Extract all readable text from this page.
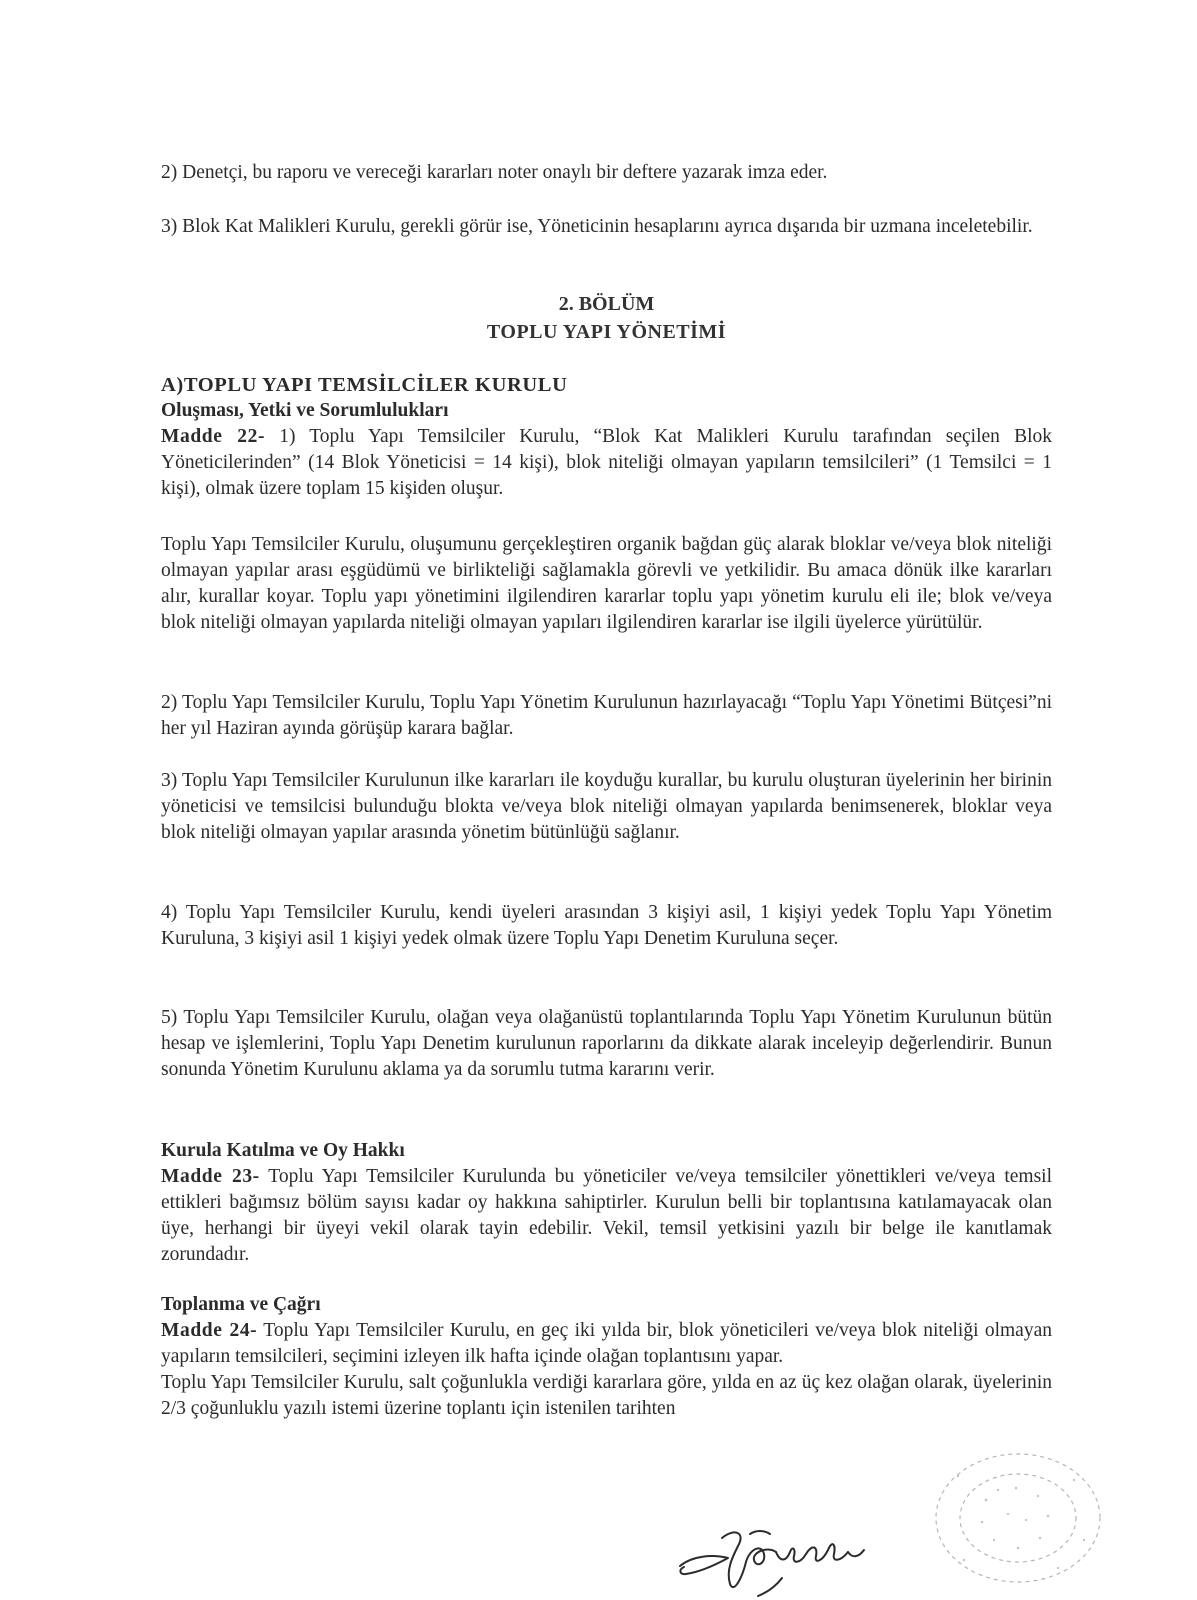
2) Denetçi, bu raporu ve vereceği kararları noter onaylı bir deftere yazarak imza eder.

3) Blok Kat Malikleri Kurulu, gerekli görür ise, Yöneticinin hesaplarını ayrıca dışarıda bir uzmana inceletebilir.

2. BÖLÜM
TOPLU YAPI YÖNETİMİ
A)TOPLU YAPI TEMSİLCİLER KURULU
Oluşması, Yetki ve Sorumlulukları

Madde 22- 1) Toplu Yapı Temsilciler Kurulu, “Blok Kat Malikleri Kurulu tarafından seçilen Blok Yöneticilerinden” (14 Blok Yöneticisi = 14 kişi), blok niteliği olmayan yapıların temsilcileri” (1 Temsilci = 1 kişi), olmak üzere toplam 15 kişiden oluşur.

Toplu Yapı Temsilciler Kurulu, oluşumunu gerçekleştiren organik bağdan güç alarak bloklar ve/veya blok niteliği olmayan yapılar arası eşgüdümü ve birlikteliği sağlamakla görevli ve yetkilidir. Bu amaca dönük ilke kararları alır, kurallar koyar. Toplu yapı yönetimini ilgilendiren kararlar toplu yapı yönetim kurulu eli ile; blok ve/veya blok niteliği olmayan yapılarda niteliği olmayan yapıları ilgilendiren kararlar ise ilgili üyelerce yürütülür.

2) Toplu Yapı Temsilciler Kurulu, Toplu Yapı Yönetim Kurulunun hazırlayacağı “Toplu Yapı Yönetimi Bütçesi”ni her yıl Haziran ayında görüşüp karara bağlar.

3) Toplu Yapı Temsilciler Kurulunun ilke kararları ile koyduğu kurallar, bu kurulu oluşturan üyelerinin her birinin yöneticisi ve temsilcisi bulunduğu blokta ve/veya blok niteliği olmayan yapılarda benimsenerek, bloklar veya blok niteliği olmayan yapılar arasında yönetim bütünlüğü sağlanır.

4) Toplu Yapı Temsilciler Kurulu, kendi üyeleri arasından 3 kişiyi asil, 1 kişiyi yedek Toplu Yapı Yönetim Kuruluna, 3 kişiyi asil 1 kişiyi yedek olmak üzere Toplu Yapı Denetim Kuruluna seçer.

5) Toplu Yapı Temsilciler Kurulu, olağan veya olağanüstü toplantılarında Toplu Yapı Yönetim Kurulunun bütün hesap ve işlemlerini, Toplu Yapı Denetim kurulunun raporlarını da dikkate alarak inceleyip değerlendirir. Bunun sonunda Yönetim Kurulunu aklama ya da sorumlu tutma kararını verir.

Kurula Katılma ve Oy Hakkı

Madde 23- Toplu Yapı Temsilciler Kurulunda bu yöneticiler ve/veya temsilciler yönettikleri ve/veya temsil ettikleri bağımsız bölüm sayısı kadar oy hakkına sahiptirler. Kurulun belli bir toplantısına katılamayacak olan üye, herhangi bir üyeyi vekil olarak tayin edebilir. Vekil, temsil yetkisini yazılı bir belge ile kanıtlamak zorundadır.

Toplanma ve Çağrı

Madde 24- Toplu Yapı Temsilciler Kurulu, en geç iki yılda bir, blok yöneticileri ve/veya blok niteliği olmayan yapıların temsilcileri, seçimini izleyen ilk hafta içinde olağan toplantısını yapar.

Toplu Yapı Temsilciler Kurulu, salt çoğunlukla verdiği kararlara göre, yılda en az üç kez olağan olarak, üyelerinin 2/3 çoğunluklu yazılı istemi üzerine toplantı için istenilen tarihten
